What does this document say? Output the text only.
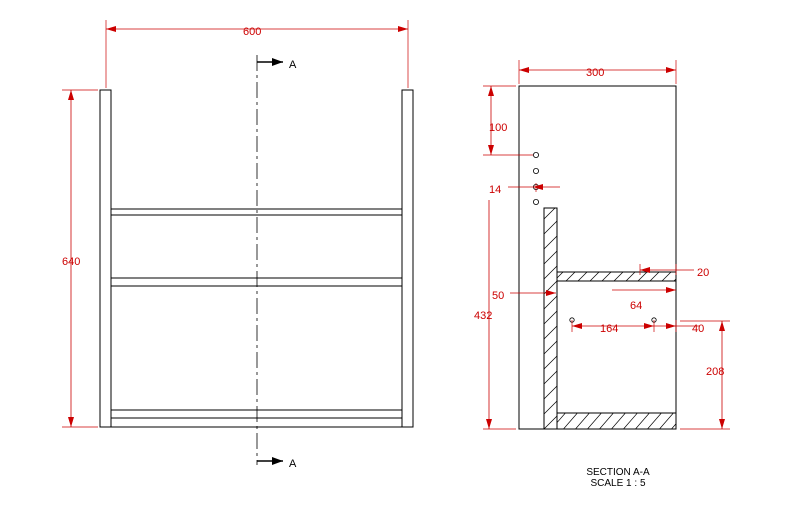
600
640
A
A
300
100
14
20
64
50
432
164	40
208
SECTION A-A
SCALE 1 : 5
